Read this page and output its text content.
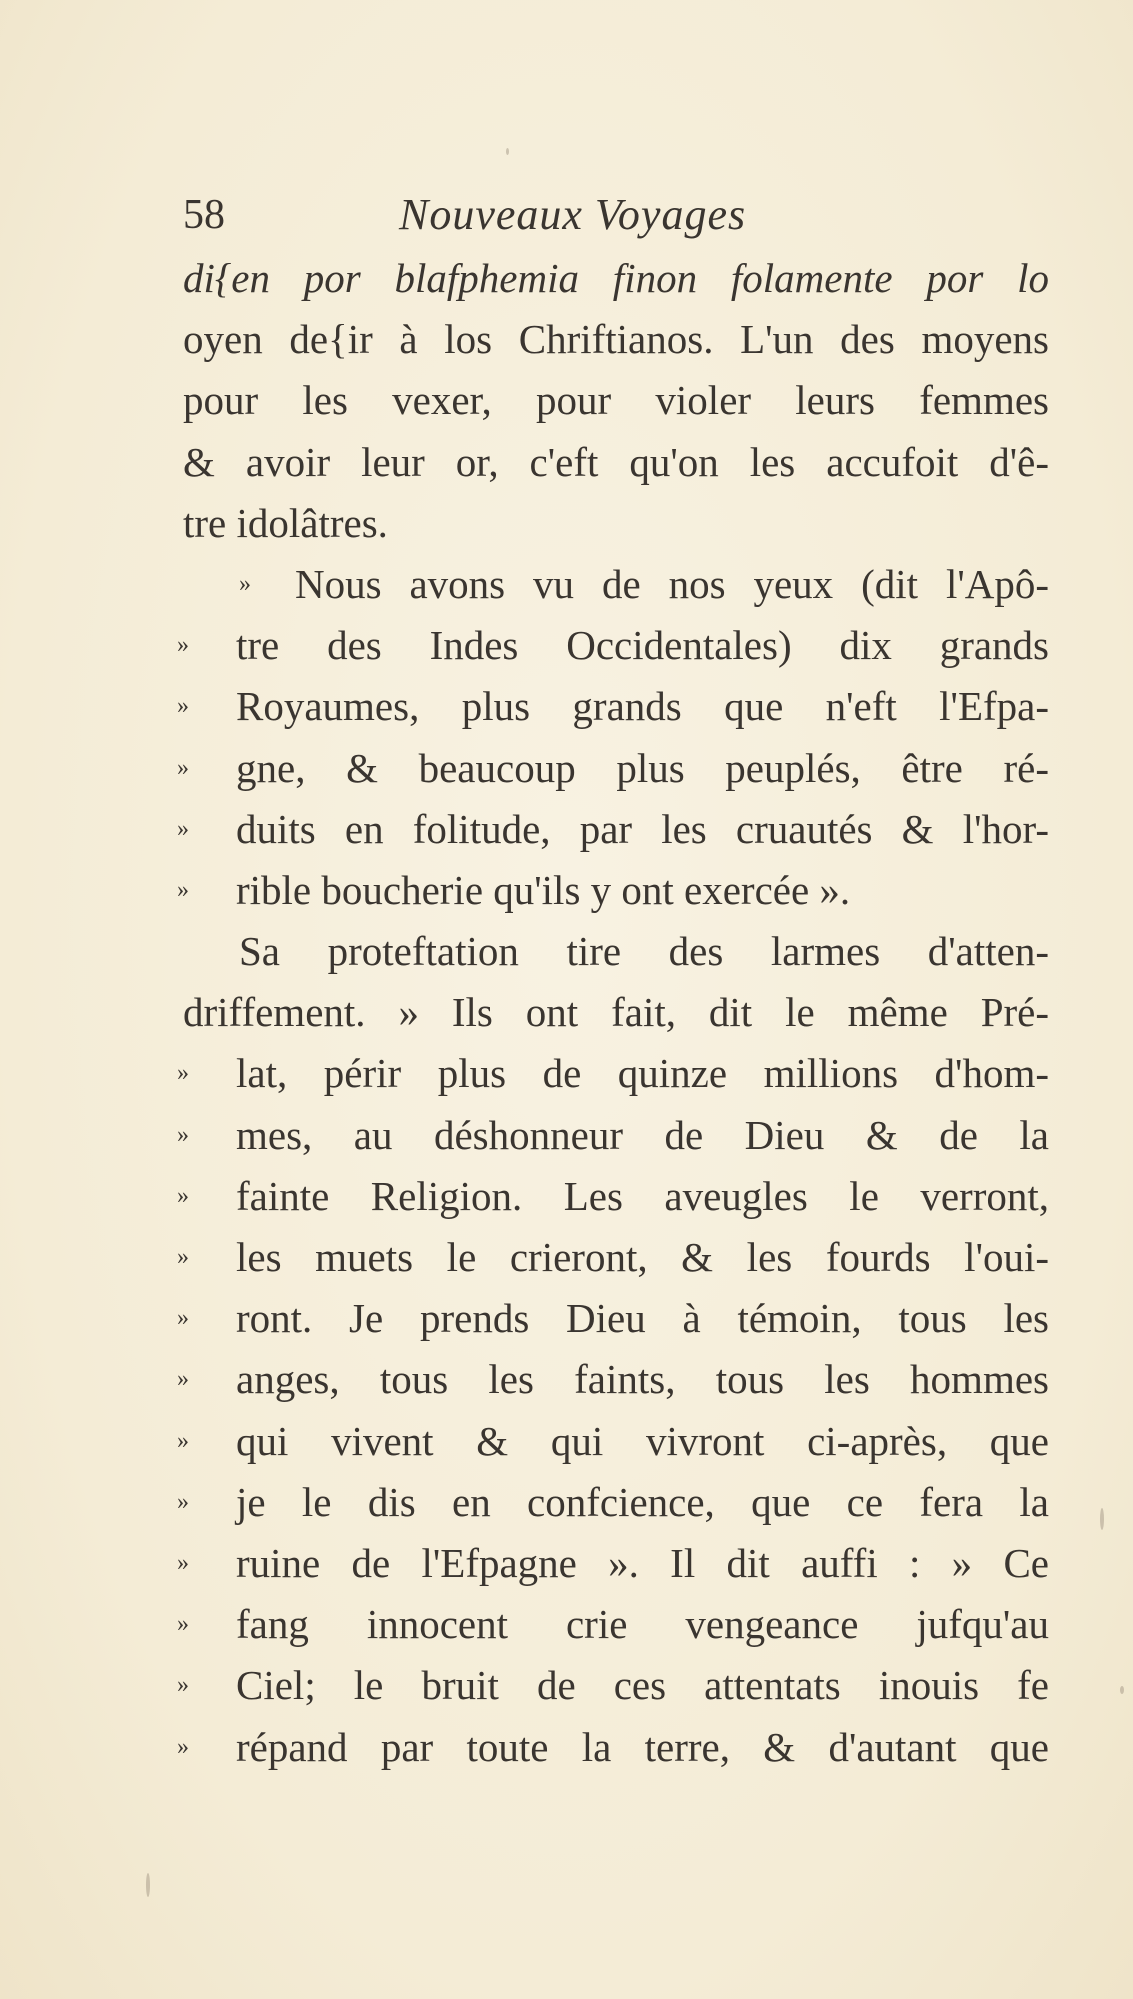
58	Nouveaux Voyages
di{en por blafphemia finon folamente por lo
oyen de{ir à los Chriftianos. L'un des moyens
pour les vexer, pour violer leurs femmes
& avoir leur or, c'eft qu'on les accufoit d'ê-
tre idolâtres.
» Nous avons vu de nos yeux (dit l'Apô-
» tre des Indes Occidentales) dix grands
» Royaumes, plus grands que n'eft l'Efpa-
» gne, & beaucoup plus peuplés, être ré-
» duits en folitude, par les cruautés & l'hor-
» rible boucherie qu'ils y ont exercée ».
Sa proteftation tire des larmes d'atten-
driffement. » Ils ont fait, dit le même Pré-
» lat, périr plus de quinze millions d'hom-
» mes, au déshonneur de Dieu & de la
» fainte Religion. Les aveugles le verront,
» les muets le crieront, & les fourds l'oui-
» ront. Je prends Dieu à témoin, tous les
» anges, tous les faints, tous les hommes
» qui vivent & qui vivront ci-après, que
» je le dis en confcience, que ce fera la
» ruine de l'Efpagne ». Il dit auffi : » Ce
» fang innocent crie vengeance jufqu'au
» Ciel; le bruit de ces attentats inouis fe
» répand par toute la terre, & d'autant que
